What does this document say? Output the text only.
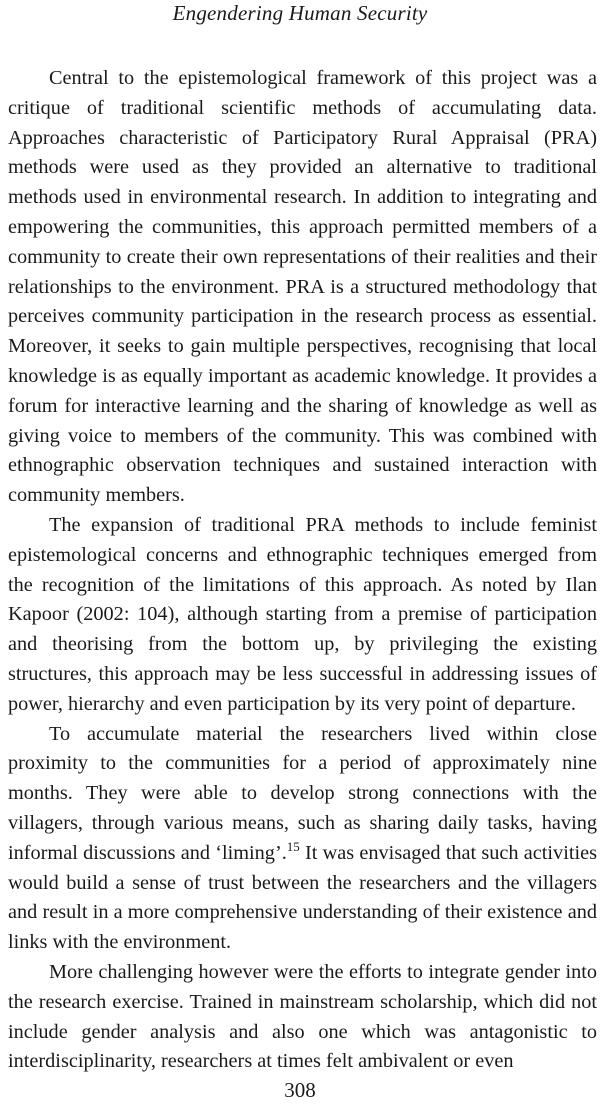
Engendering Human Security

Central to the epistemological framework of this project was a critique of traditional scientific methods of accumulating data. Approaches characteristic of Participatory Rural Appraisal (PRA) methods were used as they provided an alternative to traditional methods used in environmental research. In addition to integrating and empowering the communities, this approach permitted members of a community to create their own representations of their realities and their relationships to the environment. PRA is a structured methodology that perceives community participation in the research process as essential. Moreover, it seeks to gain multiple perspectives, recognising that local knowledge is as equally important as academic knowledge. It provides a forum for interactive learning and the sharing of knowledge as well as giving voice to members of the community. This was combined with ethnographic observation techniques and sustained interaction with community members.

The expansion of traditional PRA methods to include feminist epistemological concerns and ethnographic techniques emerged from the recognition of the limitations of this approach. As noted by Ilan Kapoor (2002: 104), although starting from a premise of participation and theorising from the bottom up, by privileging the existing structures, this approach may be less successful in addressing issues of power, hierarchy and even participation by its very point of departure.

To accumulate material the researchers lived within close proximity to the communities for a period of approximately nine months. They were able to develop strong connections with the villagers, through various means, such as sharing daily tasks, having informal discussions and ‘liming’.$^{15}$ It was envisaged that such activities would build a sense of trust between the researchers and the villagers and result in a more comprehensive understanding of their existence and links with the environment.

More challenging however were the efforts to integrate gender into the research exercise. Trained in mainstream scholarship, which did not include gender analysis and also one which was antagonistic to interdisciplinarity, researchers at times felt ambivalent or even

308
